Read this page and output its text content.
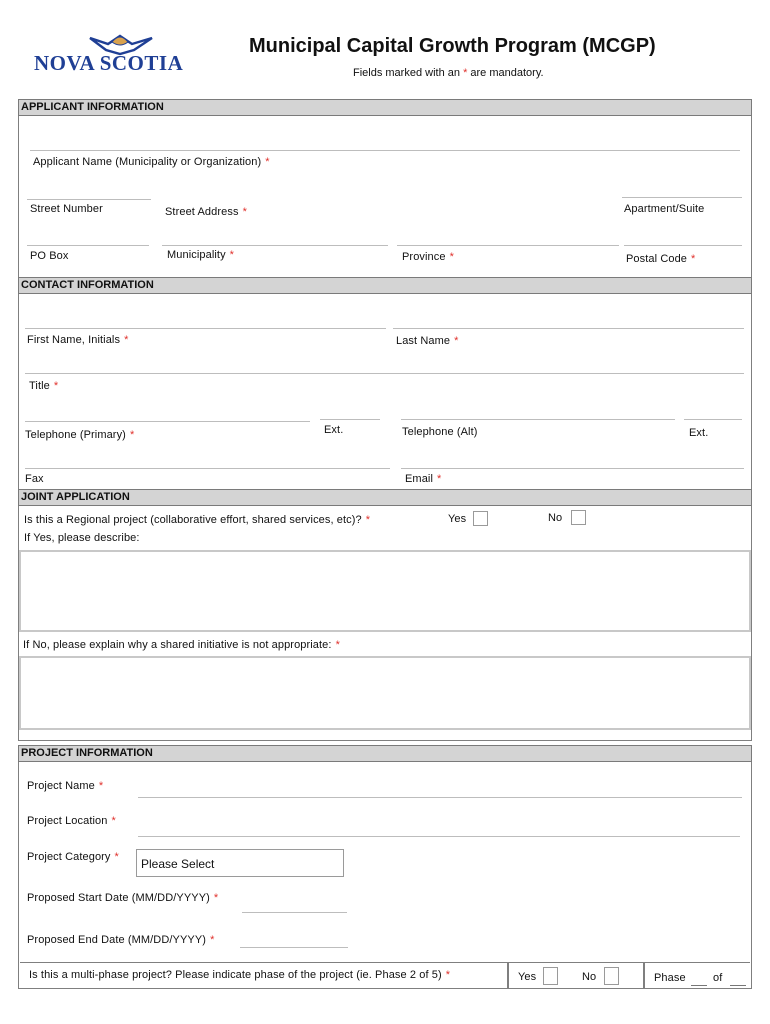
NOVA SCOTIA
Municipal Capital Growth Program (MCGP)
Fields marked with an * are mandatory.
APPLICANT INFORMATION
Applicant Name (Municipality or Organization) *
Street Number	Street Address *	Apartment/Suite
PO Box	Municipality *	Province *	Postal Code *
CONTACT INFORMATION
First Name, Initials *	Last Name *
Title *
Telephone (Primary) *	Ext.	Telephone (Alt)	Ext.
Fax	Email *
JOINT APPLICATION
Is this a Regional project (collaborative effort, shared services, etc)? *	Yes	No
If Yes, please describe:
If No, please explain why a shared initiative is not appropriate: *
PROJECT INFORMATION
Project Name *
Project Location *
Project Category *	Please Select
Proposed Start Date (MM/DD/YYYY) *
Proposed End Date (MM/DD/YYYY) *
Is this a multi-phase project? Please indicate phase of the project (ie. Phase 2 of 5) *	Yes	No	Phase of
